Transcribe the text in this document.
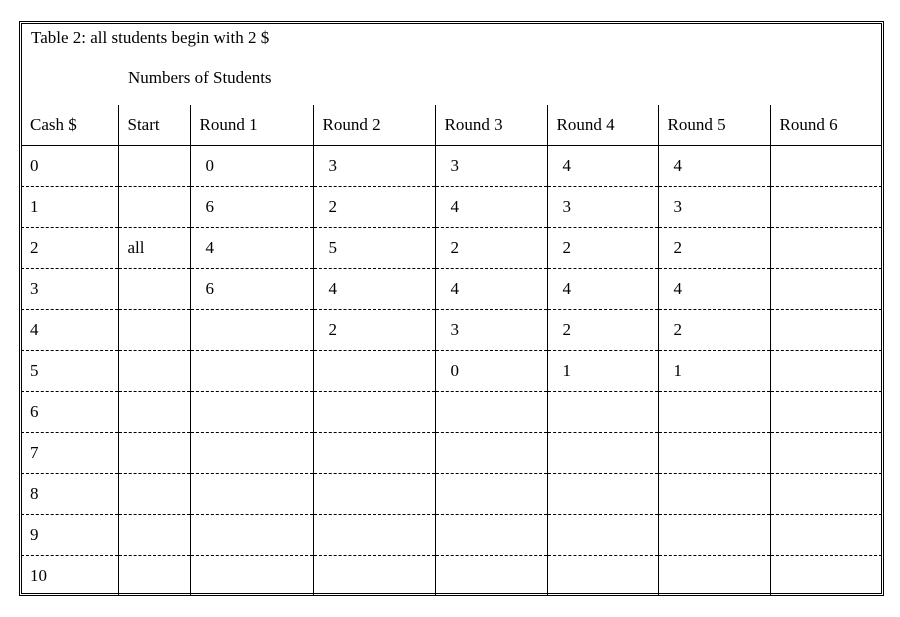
Table 2: all students begin with 2 $
Numbers of Students
Cash $	Start	Round 1	Round 2	Round 3	Round 4	Round 5	Round 6
0		0	3	3	4	4	
1		6	2	4	3	3	
2	all	4	5	2	2	2	
3		6	4	4	4	4	
4			2	3	2	2	
5				0	1	1	
6							
7							
8							
9							
10							
